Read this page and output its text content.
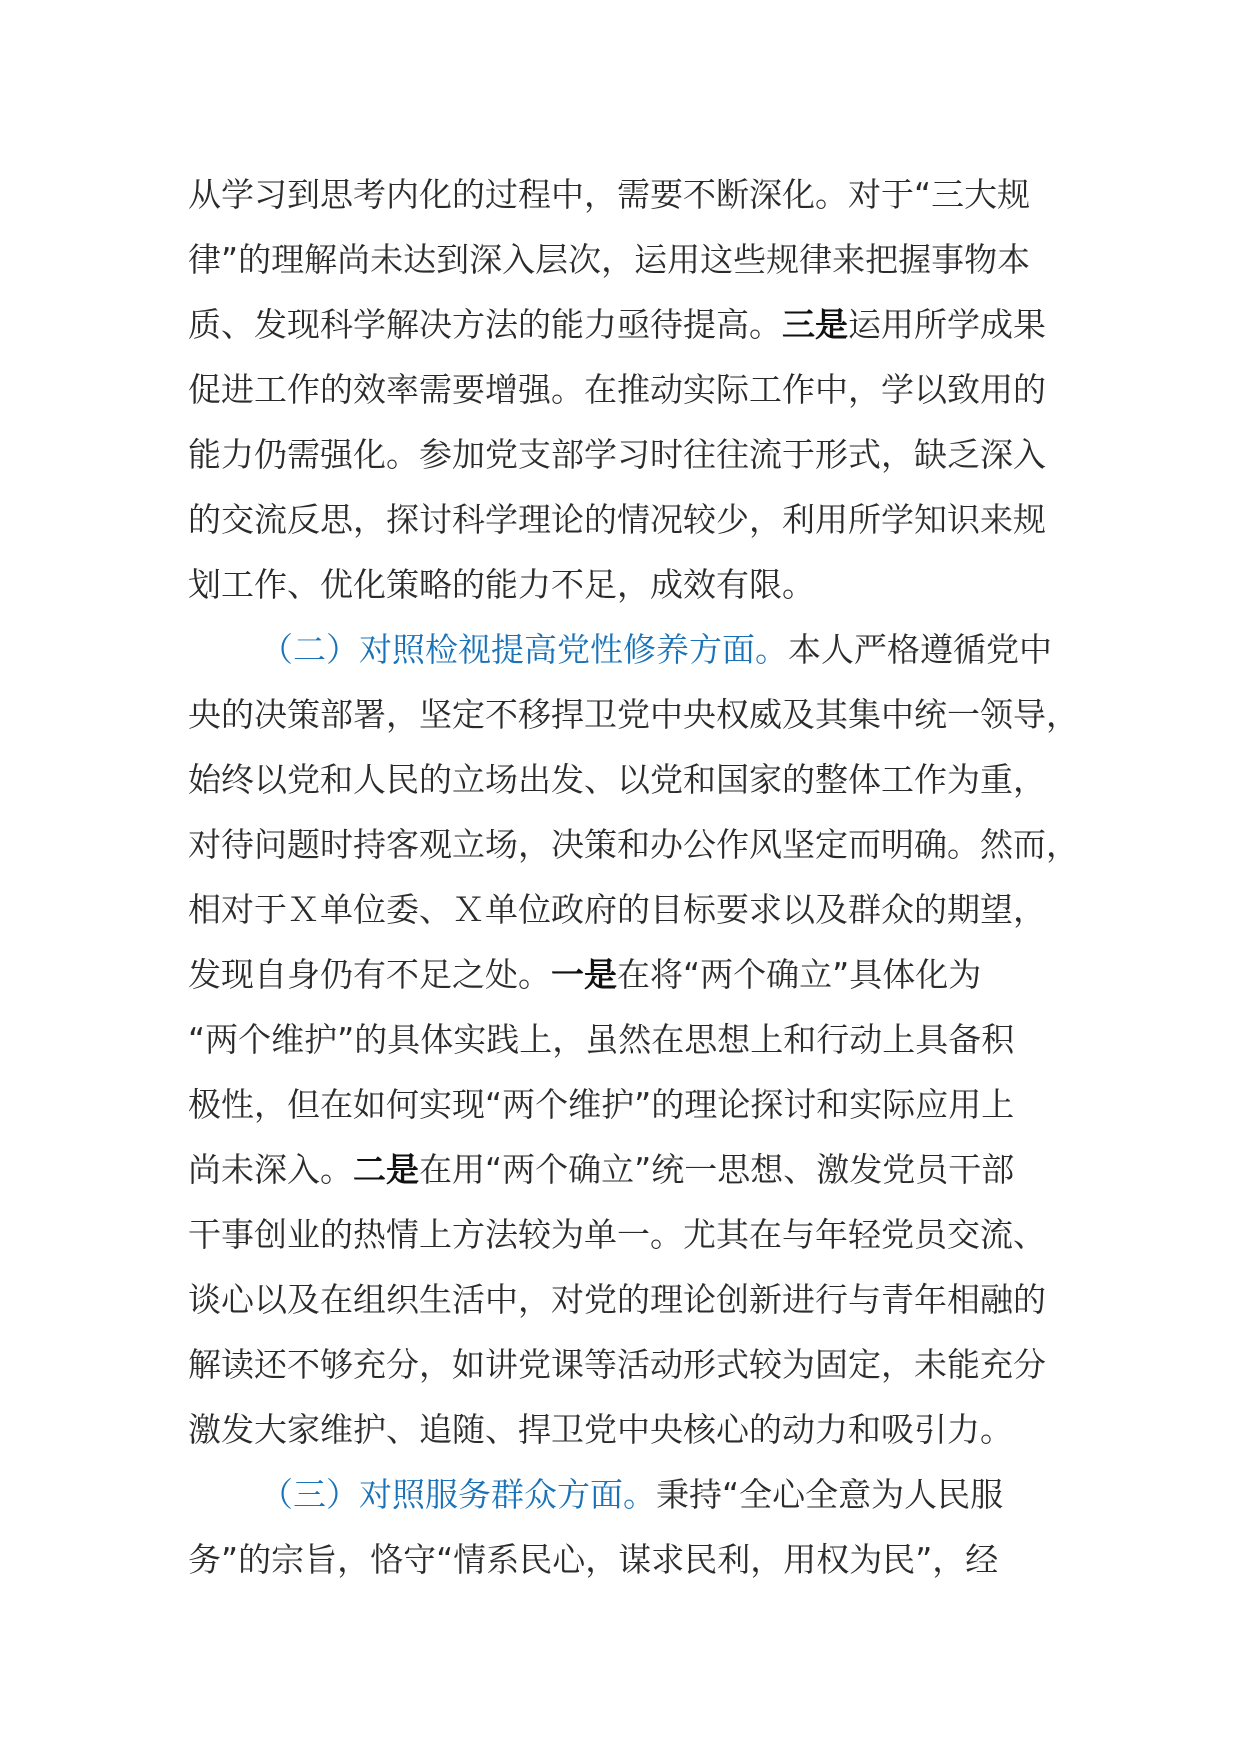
从学习到思考内化的过程中，需要不断深化。对于“三大规
律”的理解尚未达到深入层次，运用这些规律来把握事物本
质、发现科学解决方法的能力亟待提高。三是运用所学成果
促进工作的效率需要增强。在推动实际工作中，学以致用的
能力仍需强化。参加党支部学习时往往流于形式，缺乏深入
的交流反思，探讨科学理论的情况较少，利用所学知识来规
划工作、优化策略的能力不足，成效有限。
（二）对照检视提高党性修养方面。本人严格遵循党中
央的决策部署，坚定不移捍卫党中央权威及其集中统一领导，
始终以党和人民的立场出发、以党和国家的整体工作为重，
对待问题时持客观立场，决策和办公作风坚定而明确。然而，
相对于Ｘ单位委、Ｘ单位政府的目标要求以及群众的期望，
发现自身仍有不足之处。一是在将“两个确立”具体化为
“两个维护”的具体实践上，虽然在思想上和行动上具备积
极性，但在如何实现“两个维护”的理论探讨和实际应用上
尚未深入。二是在用“两个确立”统一思想、激发党员干部
干事创业的热情上方法较为单一。尤其在与年轻党员交流、
谈心以及在组织生活中，对党的理论创新进行与青年相融的
解读还不够充分，如讲党课等活动形式较为固定，未能充分
激发大家维护、追随、捍卫党中央核心的动力和吸引力。
（三）对照服务群众方面。秉持“全心全意为人民服
务”的宗旨，恪守“情系民心，谋求民利，用权为民”，经
